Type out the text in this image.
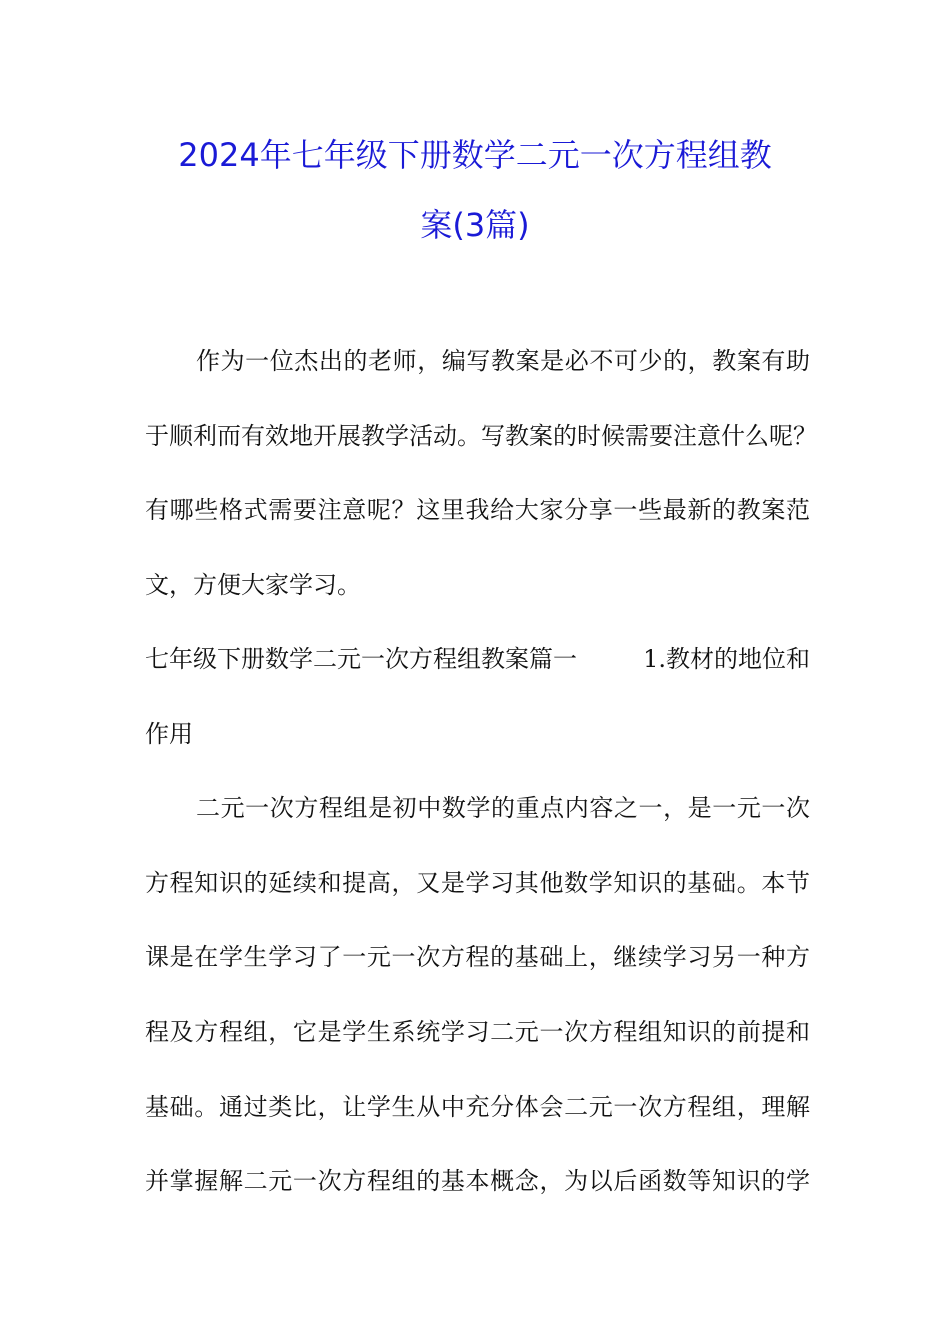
2024年七年级下册数学二元一次方程组教
案(3篇)
作为一位杰出的老师，编写教案是必不可少的，教案有助
于顺利而有效地开展教学活动。写教案的时候需要注意什么呢？
有哪些格式需要注意呢？这里我给大家分享一些最新的教案范
文，方便大家学习。
七年级下册数学二元一次方程组教案篇一	1.教材的地位和
作用
二元一次方程组是初中数学的重点内容之一，是一元一次
方程知识的延续和提高，又是学习其他数学知识的基础。本节
课是在学生学习了一元一次方程的基础上，继续学习另一种方
程及方程组，它是学生系统学习二元一次方程组知识的前提和
基础。通过类比，让学生从中充分体会二元一次方程组，理解
并掌握解二元一次方程组的基本概念，为以后函数等知识的学
